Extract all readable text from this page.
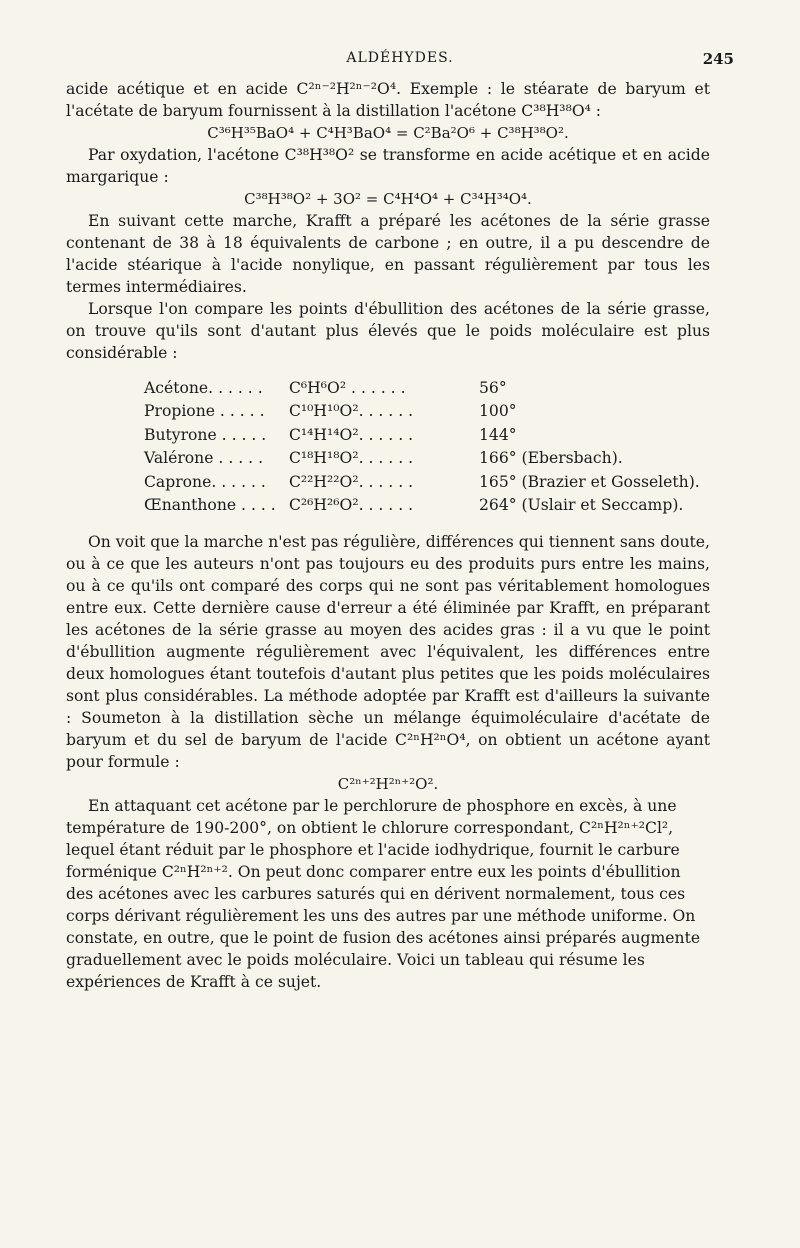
ALDÉHYDES.	245

acide acétique et en acide C²ⁿ⁻²H²ⁿ⁻²O⁴. Exemple : le stéarate de baryum et l'acétate de baryum fournissent à la distillation l'acétone C³⁸H³⁸O⁴ :

C³⁶H³⁵BaO⁴ + C⁴H³BaO⁴ = C²Ba²O⁶ + C³⁸H³⁸O².

Par oxydation, l'acétone C³⁸H³⁸O² se transforme en acide acétique et en acide margarique :

C³⁸H³⁸O² + 3O² = C⁴H⁴O⁴ + C³⁴H³⁴O⁴.

En suivant cette marche, Krafft a préparé les acétones de la série grasse contenant de 38 à 18 équivalents de carbone ; en outre, il a pu descendre de l'acide stéarique à l'acide nonylique, en passant régulièrement par tous les termes intermédiaires.

Lorsque l'on compare les points d'ébullition des acétones de la série grasse, on trouve qu'ils sont d'autant plus élevés que le poids moléculaire est plus considérable :

Acétone. . . . . .	C⁶H⁶O² . . . . . .	56°
Propione . . . . .	C¹⁰H¹⁰O². . . . . .	100°
Butyrone . . . . .	C¹⁴H¹⁴O². . . . . .	144°
Valérone . . . . .	C¹⁸H¹⁸O². . . . . .	166° (Ebersbach).
Caprone. . . . . .	C²²H²²O². . . . . .	165° (Brazier et Gosseleth).
Œnanthone . . . .	C²⁶H²⁶O². . . . . .	264° (Uslair et Seccamp).

On voit que la marche n'est pas régulière, différences qui tiennent sans doute, ou à ce que les auteurs n'ont pas toujours eu des produits purs entre les mains, ou à ce qu'ils ont comparé des corps qui ne sont pas véritablement homologues entre eux. Cette dernière cause d'erreur a été éliminée par Krafft, en préparant les acétones de la série grasse au moyen des acides gras : il a vu que le point d'ébullition augmente régulièrement avec l'équivalent, les différences entre deux homologues étant toutefois d'autant plus petites que les poids moléculaires sont plus considérables. La méthode adoptée par Krafft est d'ailleurs la suivante : Soumeton à la distillation sèche un mélange équimoléculaire d'acétate de baryum et du sel de baryum de l'acide C²ⁿH²ⁿO⁴, on obtient un acétone ayant pour formule :

C²ⁿ⁺²H²ⁿ⁺²O².

En attaquant cet acétone par le perchlorure de phosphore en excès, à une température de 190-200°, on obtient le chlorure correspondant, C²ⁿH²ⁿ⁺²Cl², lequel étant réduit par le phosphore et l'acide iodhydrique, fournit le carbure forménique C²ⁿH²ⁿ⁺². On peut donc comparer entre eux les points d'ébullition des acétones avec les carbures saturés qui en dérivent normalement, tous ces corps dérivant régulièrement les uns des autres par une méthode uniforme. On constate, en outre, que le point de fusion des acétones ainsi préparés augmente graduellement avec le poids moléculaire. Voici un tableau qui résume les expériences de Krafft à ce sujet.
